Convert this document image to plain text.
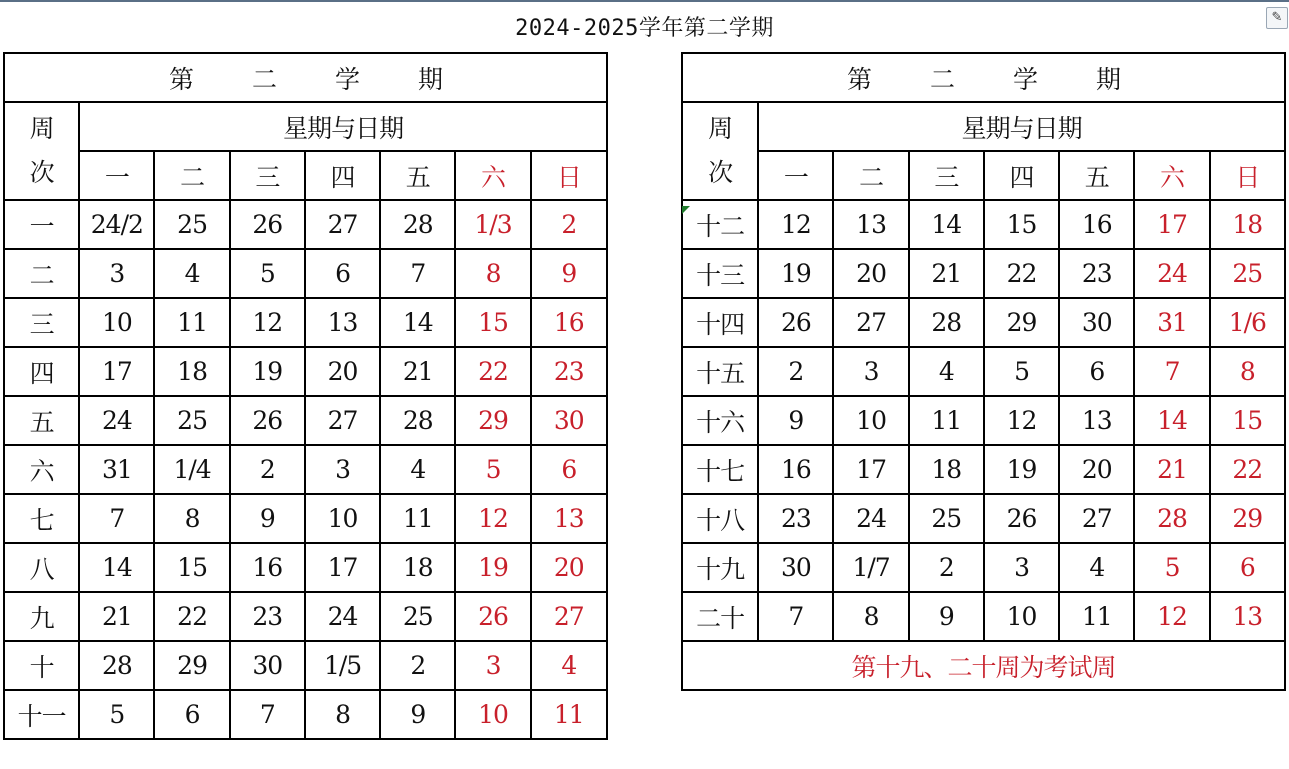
2024-2025学年第二学期	✎
第 二 学 期							

周
次	星期与日期						
	一	二	三	四	五	六	日
一	24/2	25	26	27	28	1/3	2
二	3	4	5	6	7	8	9
三	10	11	12	13	14	15	16
四	17	18	19	20	21	22	23
五	24	25	26	27	28	29	30
六	31	1/4	2	3	4	5	6
七	7	8	9	10	11	12	13
八	14	15	16	17	18	19	20
九	21	22	23	24	25	26	27
十	28	29	30	1/5	2	3	4
十一	5	6	7	8	9	10	11
第 二 学 期							

周
次	星期与日期						
	一	二	三	四	五	六	日
十二	12	13	14	15	16	17	18
十三	19	20	21	22	23	24	25
十四	26	27	28	29	30	31	1/6
十五	2	3	4	5	6	7	8
十六	9	10	11	12	13	14	15
十七	16	17	18	19	20	21	22
十八	23	24	25	26	27	28	29
十九	30	1/7	2	3	4	5	6
二十	7	8	9	10	11	12	13
第十九、二十周为考试周							
